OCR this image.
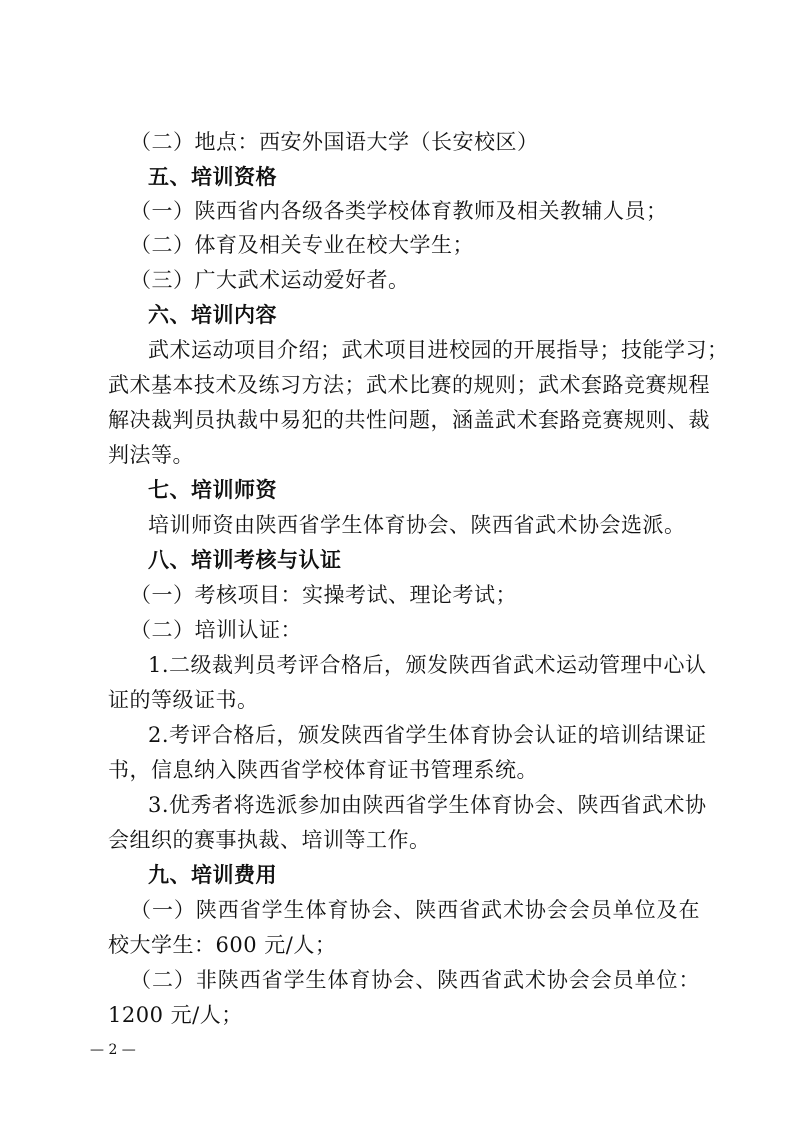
（二）地点：西安外国语大学（长安校区）
五、培训资格
（一）陕西省内各级各类学校体育教师及相关教辅人员；
（二）体育及相关专业在校大学生；
（三）广大武术运动爱好者。
六、培训内容
武术运动项目介绍；武术项目进校园的开展指导；技能学习；
武术基本技术及练习方法；武术比赛的规则；武术套路竞赛规程
解决裁判员执裁中易犯的共性问题，涵盖武术套路竞赛规则、裁
判法等。
七、培训师资
培训师资由陕西省学生体育协会、陕西省武术协会选派。
八、培训考核与认证
（一）考核项目：实操考试、理论考试；
（二）培训认证：
1.二级裁判员考评合格后，颁发陕西省武术运动管理中心认
证的等级证书。
2.考评合格后，颁发陕西省学生体育协会认证的培训结课证
书，信息纳入陕西省学校体育证书管理系统。
3.优秀者将选派参加由陕西省学生体育协会、陕西省武术协
会组织的赛事执裁、培训等工作。
九、培训费用
（一）陕西省学生体育协会、陕西省武术协会会员单位及在
校大学生：600 元/人；
（二）非陕西省学生体育协会、陕西省武术协会会员单位：
1200 元/人；
— 2 —
